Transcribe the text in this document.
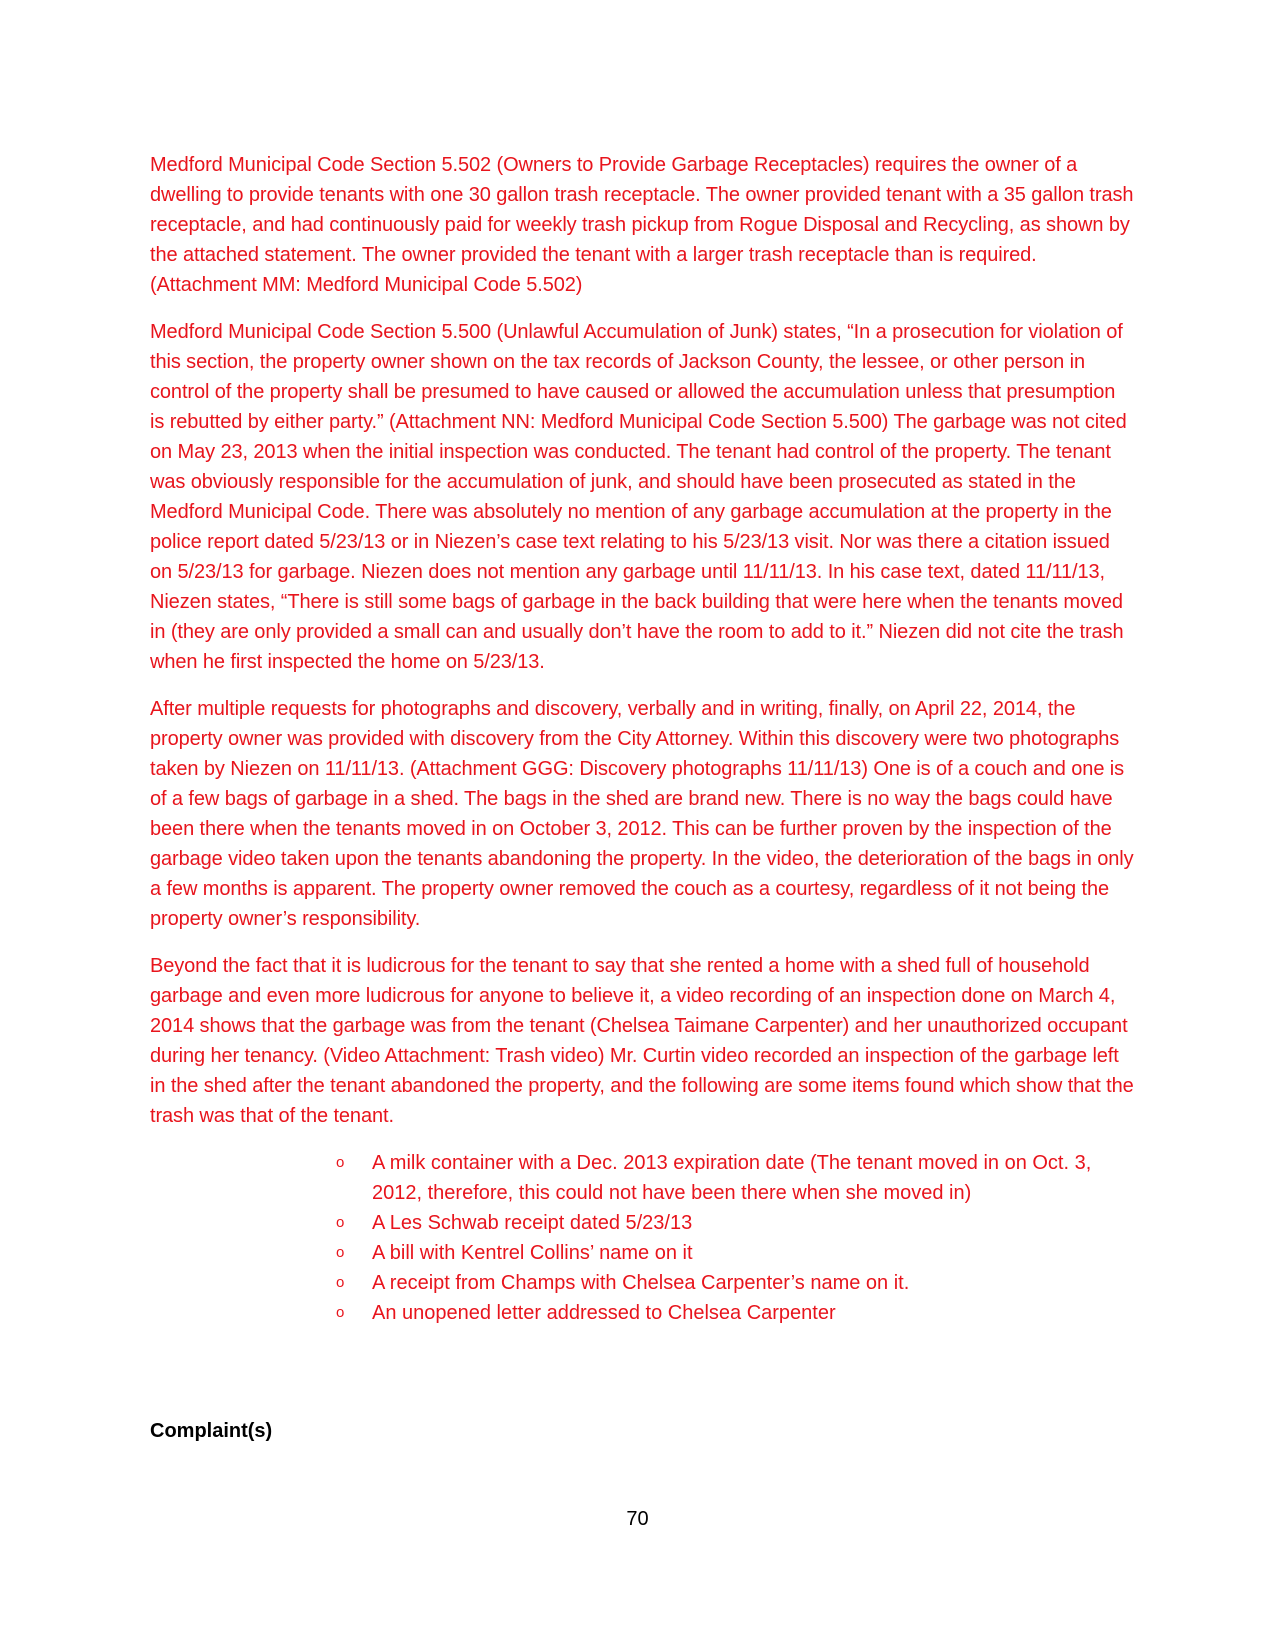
Medford Municipal Code Section 5.502 (Owners to Provide Garbage Receptacles) requires the owner of a dwelling to provide tenants with one 30 gallon trash receptacle. The owner provided tenant with a 35 gallon trash receptacle, and had continuously paid for weekly trash pickup from Rogue Disposal and Recycling, as shown by the attached statement. The owner provided the tenant with a larger trash receptacle than is required. (Attachment MM: Medford Municipal Code 5.502)

Medford Municipal Code Section 5.500 (Unlawful Accumulation of Junk) states, “In a prosecution for violation of this section, the property owner shown on the tax records of Jackson County, the lessee, or other person in control of the property shall be presumed to have caused or allowed the accumulation unless that presumption is rebutted by either party.” (Attachment NN: Medford Municipal Code Section 5.500) The garbage was not cited on May 23, 2013 when the initial inspection was conducted. The tenant had control of the property. The tenant was obviously responsible for the accumulation of junk, and should have been prosecuted as stated in the Medford Municipal Code. There was absolutely no mention of any garbage accumulation at the property in the police report dated 5/23/13 or in Niezen’s case text relating to his 5/23/13 visit. Nor was there a citation issued on 5/23/13 for garbage. Niezen does not mention any garbage until 11/11/13. In his case text, dated 11/11/13, Niezen states, “There is still some bags of garbage in the back building that were here when the tenants moved in (they are only provided a small can and usually don’t have the room to add to it.” Niezen did not cite the trash when he first inspected the home on 5/23/13.

After multiple requests for photographs and discovery, verbally and in writing, finally, on April 22, 2014, the property owner was provided with discovery from the City Attorney. Within this discovery were two photographs taken by Niezen on 11/11/13. (Attachment GGG: Discovery photographs 11/11/13) One is of a couch and one is of a few bags of garbage in a shed. The bags in the shed are brand new. There is no way the bags could have been there when the tenants moved in on October 3, 2012. This can be further proven by the inspection of the garbage video taken upon the tenants abandoning the property. In the video, the deterioration of the bags in only a few months is apparent. The property owner removed the couch as a courtesy, regardless of it not being the property owner’s responsibility.

Beyond the fact that it is ludicrous for the tenant to say that she rented a home with a shed full of household garbage and even more ludicrous for anyone to believe it, a video recording of an inspection done on March 4, 2014 shows that the garbage was from the tenant (Chelsea Taimane Carpenter) and her unauthorized occupant during her tenancy. (Video Attachment: Trash video) Mr. Curtin video recorded an inspection of the garbage left in the shed after the tenant abandoned the property, and the following are some items found which show that the trash was that of the tenant.

o A milk container with a Dec. 2013 expiration date (The tenant moved in on Oct. 3, 2012, therefore, this could not have been there when she moved in)
o A Les Schwab receipt dated 5/23/13
o A bill with Kentrel Collins’ name on it
o A receipt from Champs with Chelsea Carpenter’s name on it.
o An unopened letter addressed to Chelsea Carpenter
Complaint(s)
70
